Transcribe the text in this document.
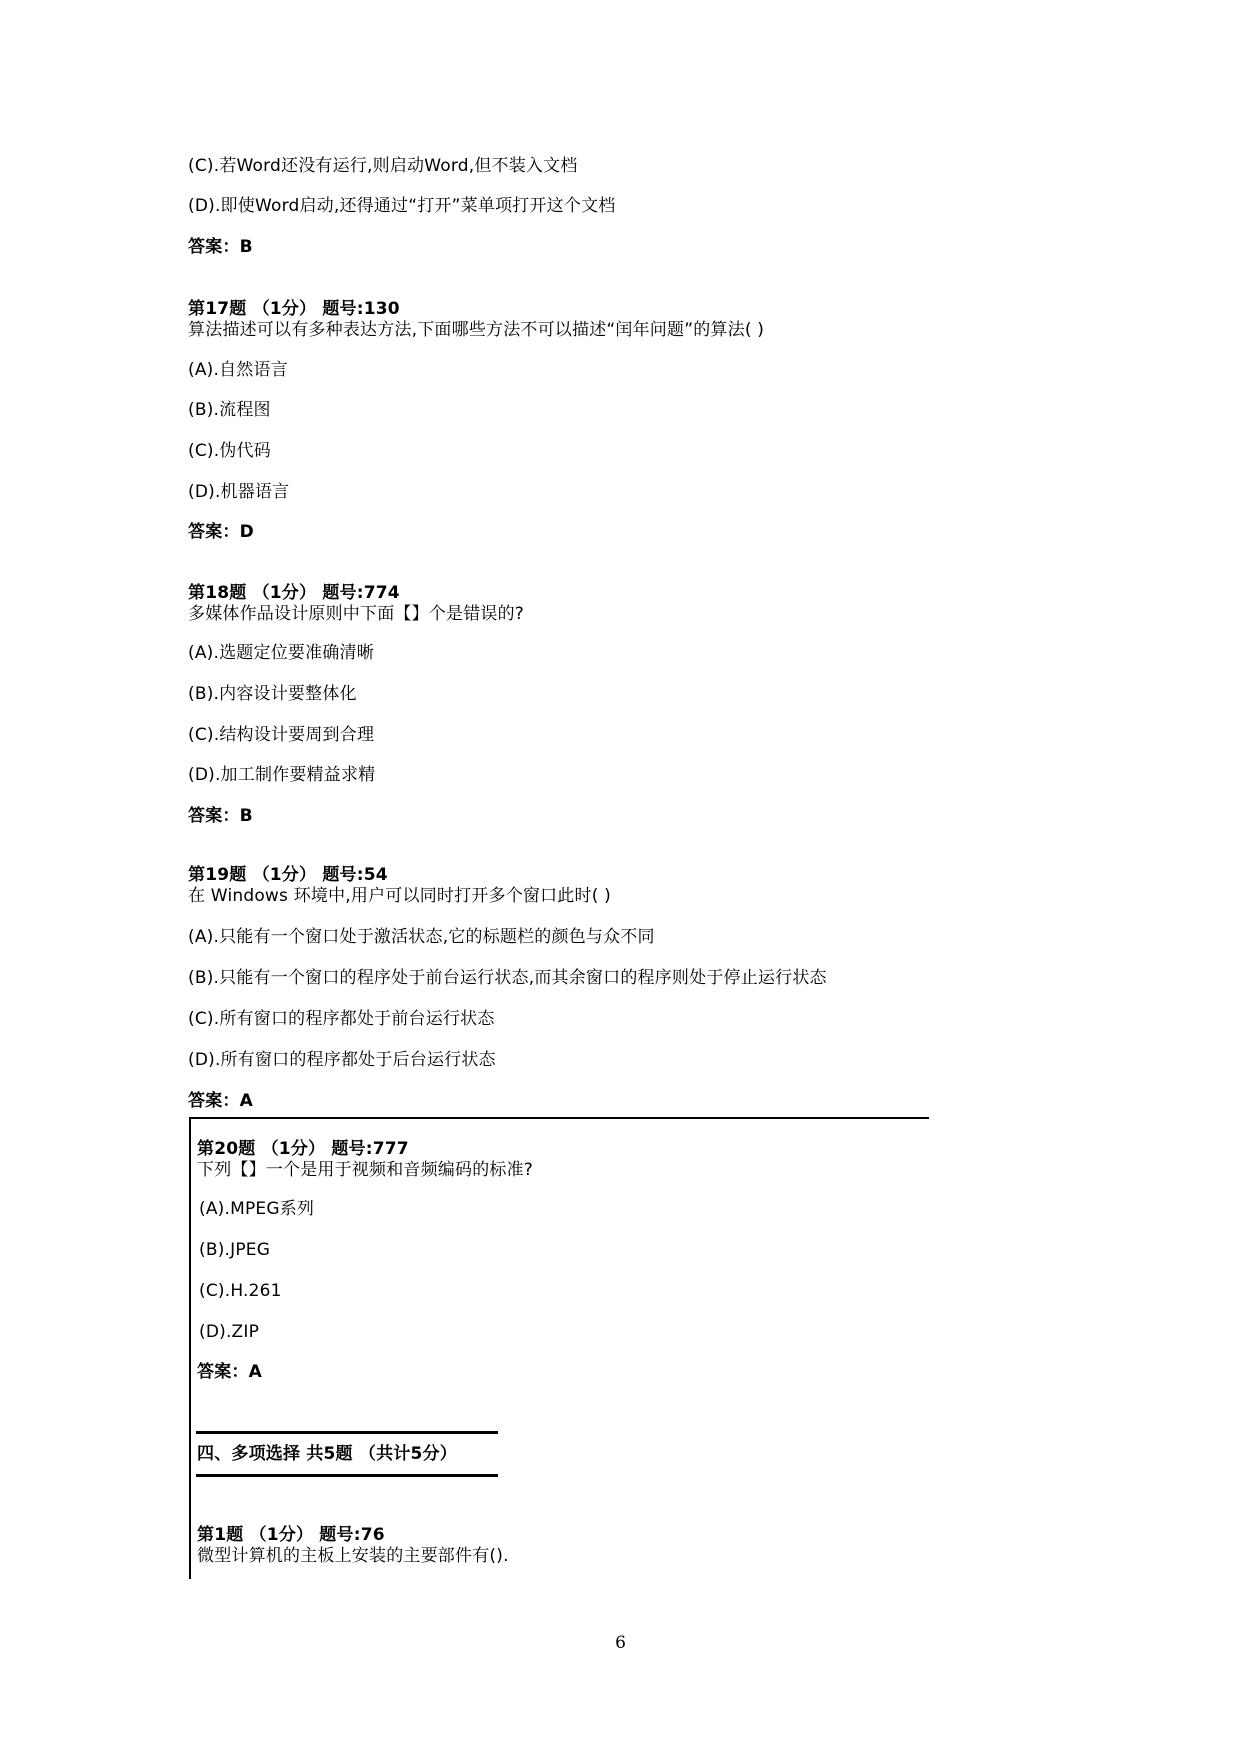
(C).若Word还没有运行,则启动Word,但不装入文档
(D).即使Word启动,还得通过“打开”菜单项打开这个文档
答案：B
第17题 （1分） 题号:130
算法描述可以有多种表达方法,下面哪些方法不可以描述“闰年问题”的算法( )
(A).自然语言
(B).流程图
(C).伪代码
(D).机器语言
答案：D
第18题 （1分） 题号:774
多媒体作品设计原则中下面【】个是错误的?
(A).选题定位要准确清晰
(B).内容设计要整体化
(C).结构设计要周到合理
(D).加工制作要精益求精
答案：B
第19题 （1分） 题号:54
在 Windows 环境中,用户可以同时打开多个窗口此时( )
(A).只能有一个窗口处于激活状态,它的标题栏的颜色与众不同
(B).只能有一个窗口的程序处于前台运行状态,而其余窗口的程序则处于停止运行状态
(C).所有窗口的程序都处于前台运行状态
(D).所有窗口的程序都处于后台运行状态
答案：A
第20题 （1分） 题号:777
下列【】一个是用于视频和音频编码的标准?
(A).MPEG系列
(B).JPEG
(C).H.261
(D).ZIP
答案：A
四、多项选择 共5题 （共计5分）
第1题 （1分） 题号:76
微型计算机的主板上安装的主要部件有().
6
